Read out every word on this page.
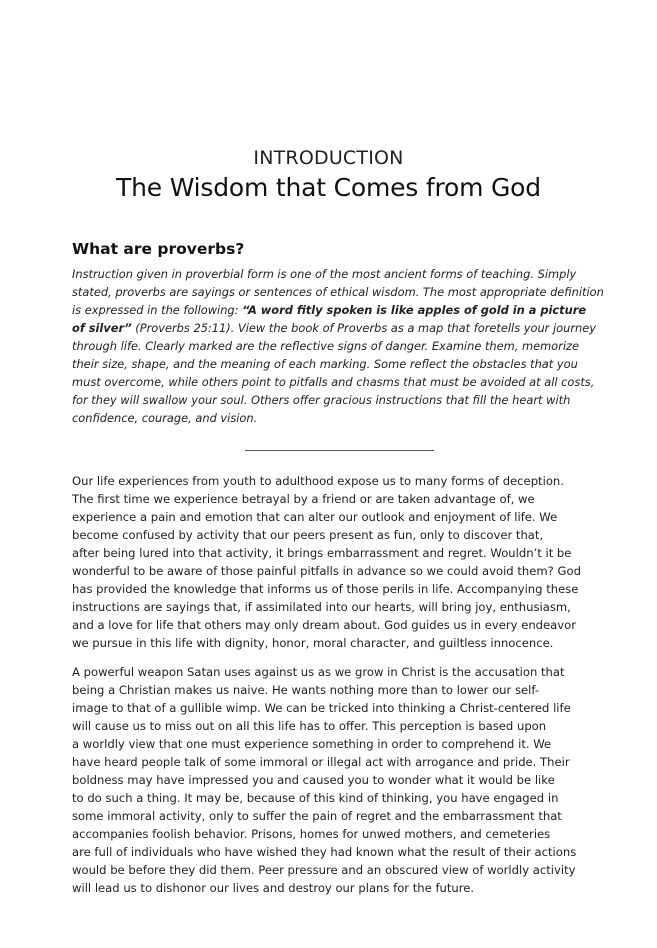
INTRODUCTION
The Wisdom that Comes from God
What are proverbs?
Instruction given in proverbial form is one of the most ancient forms of teaching. Simply
stated, proverbs are sayings or sentences of ethical wisdom. The most appropriate definition
is expressed in the following: “A word fitly spoken is like apples of gold in a picture
of silver” (Proverbs 25:11). View the book of Proverbs as a map that foretells your journey
through life. Clearly marked are the reflective signs of danger. Examine them, memorize
their size, shape, and the meaning of each marking. Some reflect the obstacles that you
must overcome, while others point to pitfalls and chasms that must be avoided at all costs,
for they will swallow your soul. Others offer gracious instructions that fill the heart with
confidence, courage, and vision.
Our life experiences from youth to adulthood expose us to many forms of deception.
The first time we experience betrayal by a friend or are taken advantage of, we
experience a pain and emotion that can alter our outlook and enjoyment of life. We
become confused by activity that our peers present as fun, only to discover that,
after being lured into that activity, it brings embarrassment and regret. Wouldn’t it be
wonderful to be aware of those painful pitfalls in advance so we could avoid them? God
has provided the knowledge that informs us of those perils in life. Accompanying these
instructions are sayings that, if assimilated into our hearts, will bring joy, enthusiasm,
and a love for life that others may only dream about. God guides us in every endeavor
we pursue in this life with dignity, honor, moral character, and guiltless innocence.
A powerful weapon Satan uses against us as we grow in Christ is the accusation that
being a Christian makes us naive. He wants nothing more than to lower our self-
image to that of a gullible wimp. We can be tricked into thinking a Christ-centered life
will cause us to miss out on all this life has to offer. This perception is based upon
a worldly view that one must experience something in order to comprehend it. We
have heard people talk of some immoral or illegal act with arrogance and pride. Their
boldness may have impressed you and caused you to wonder what it would be like
to do such a thing. It may be, because of this kind of thinking, you have engaged in
some immoral activity, only to suffer the pain of regret and the embarrassment that
accompanies foolish behavior. Prisons, homes for unwed mothers, and cemeteries
are full of individuals who have wished they had known what the result of their actions
would be before they did them. Peer pressure and an obscured view of worldly activity
will lead us to dishonor our lives and destroy our plans for the future.
